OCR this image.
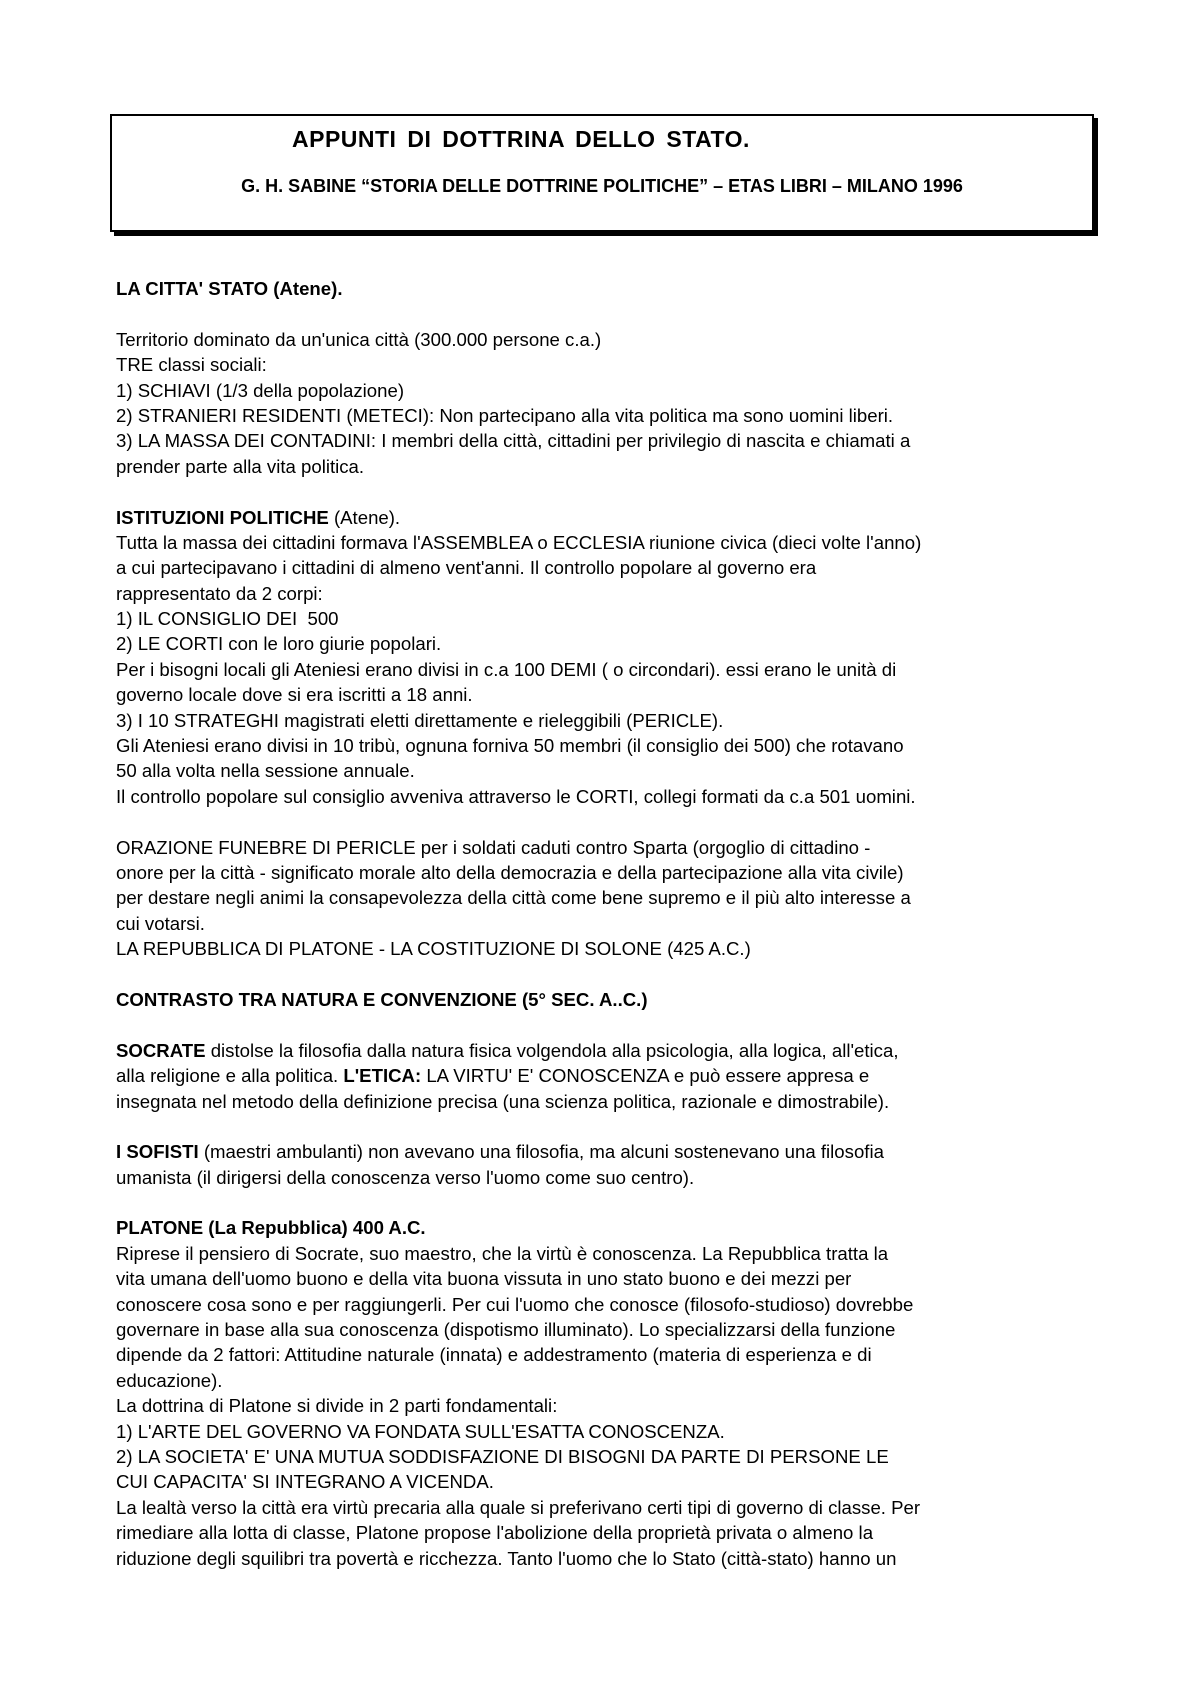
APPUNTI DI DOTTRINA DELLO STATO.
G. H. SABINE “STORIA DELLE DOTTRINE POLITICHE” – ETAS LIBRI – MILANO 1996
LA CITTA' STATO (Atene).
Territorio dominato da un'unica città (300.000 persone c.a.)
TRE classi sociali:
1) SCHIAVI (1/3 della popolazione)
2) STRANIERI RESIDENTI (METECI): Non partecipano alla vita politica ma sono uomini liberi.
3) LA MASSA DEI CONTADINI: I membri della città, cittadini per privilegio di nascita e chiamati a
prender parte alla vita politica.
ISTITUZIONI POLITICHE (Atene).
Tutta la massa dei cittadini formava l'ASSEMBLEA o ECCLESIA riunione civica (dieci volte l'anno)
a cui partecipavano i cittadini di almeno vent'anni. Il controllo popolare al governo era
rappresentato da 2 corpi:
1) IL CONSIGLIO DEI  500
2) LE CORTI con le loro giurie popolari.
Per i bisogni locali gli Ateniesi erano divisi in c.a 100 DEMI ( o circondari). essi erano le unità di
governo locale dove si era iscritti a 18 anni.
3) I 10 STRATEGHI magistrati eletti direttamente e rieleggibili (PERICLE).
Gli Ateniesi erano divisi in 10 tribù, ognuna forniva 50 membri (il consiglio dei 500) che rotavano
50 alla volta nella sessione annuale.
Il controllo popolare sul consiglio avveniva attraverso le CORTI, collegi formati da c.a 501 uomini.
ORAZIONE FUNEBRE DI PERICLE per i soldati caduti contro Sparta (orgoglio di cittadino -
onore per la città - significato morale alto della democrazia e della partecipazione alla vita civile)
per destare negli animi la consapevolezza della città come bene supremo e il più alto interesse a
cui votarsi.
LA REPUBBLICA DI PLATONE - LA COSTITUZIONE DI SOLONE (425 A.C.)
CONTRASTO TRA NATURA E CONVENZIONE (5° SEC. A..C.)
SOCRATE distolse la filosofia dalla natura fisica volgendola alla psicologia, alla logica, all'etica,
alla religione e alla politica. L'ETICA: LA VIRTU' E' CONOSCENZA e può essere appresa e
insegnata nel metodo della definizione precisa (una scienza politica, razionale e dimostrabile).
I SOFISTI (maestri ambulanti) non avevano una filosofia, ma alcuni sostenevano una filosofia
umanista (il dirigersi della conoscenza verso l'uomo come suo centro).
PLATONE (La Repubblica) 400 A.C.
Riprese il pensiero di Socrate, suo maestro, che la virtù è conoscenza. La Repubblica tratta la
vita umana dell'uomo buono e della vita buona vissuta in uno stato buono e dei mezzi per
conoscere cosa sono e per raggiungerli. Per cui l'uomo che conosce (filosofo-studioso) dovrebbe
governare in base alla sua conoscenza (dispotismo illuminato). Lo specializzarsi della funzione
dipende da 2 fattori: Attitudine naturale (innata) e addestramento (materia di esperienza e di
educazione).
La dottrina di Platone si divide in 2 parti fondamentali:
1) L'ARTE DEL GOVERNO VA FONDATA SULL'ESATTA CONOSCENZA.
2) LA SOCIETA' E' UNA MUTUA SODDISFAZIONE DI BISOGNI DA PARTE DI PERSONE LE
CUI CAPACITA' SI INTEGRANO A VICENDA.
La lealtà verso la città era virtù precaria alla quale si preferivano certi tipi di governo di classe. Per
rimediare alla lotta di classe, Platone propose l'abolizione della proprietà privata o almeno la
riduzione degli squilibri tra povertà e ricchezza. Tanto l'uomo che lo Stato (città-stato) hanno un
